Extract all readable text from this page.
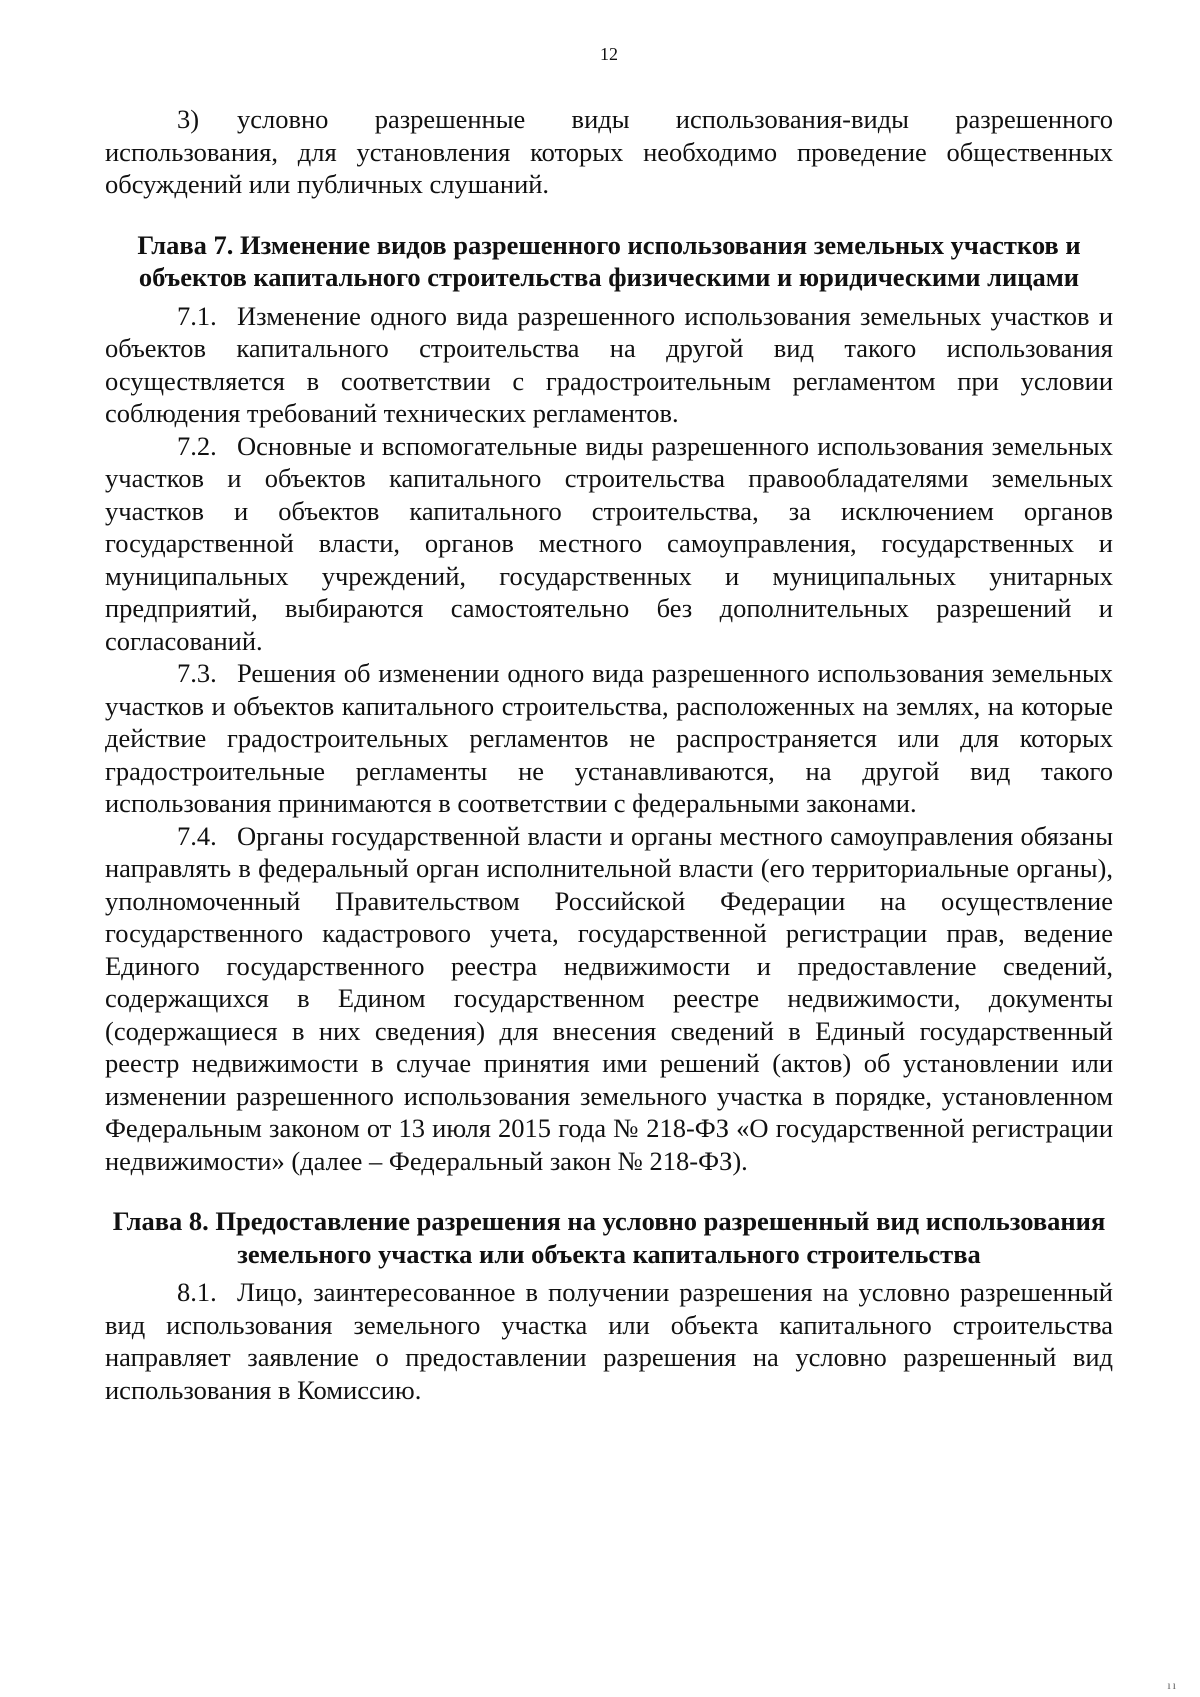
12

3) условно разрешенные виды использования-виды разрешенного использования, для установления которых необходимо проведение общественных обсуждений или публичных слушаний.

Глава 7. Изменение видов разрешенного использования земельных участков и объектов капитального строительства физическими и юридическими лицами

7.1. Изменение одного вида разрешенного использования земельных участков и объектов капитального строительства на другой вид такого использования осуществляется в соответствии с градостроительным регламентом при условии соблюдения требований технических регламентов.

7.2. Основные и вспомогательные виды разрешенного использования земельных участков и объектов капитального строительства правообладателями земельных участков и объектов капитального строительства, за исключением органов государственной власти, органов местного самоуправления, государственных и муниципальных учреждений, государственных и муниципальных унитарных предприятий, выбираются самостоятельно без дополнительных разрешений и согласований.

7.3. Решения об изменении одного вида разрешенного использования земельных участков и объектов капитального строительства, расположенных на землях, на которые действие градостроительных регламентов не распространяется или для которых градостроительные регламенты не устанавливаются, на другой вид такого использования принимаются в соответствии с федеральными законами.

7.4. Органы государственной власти и органы местного самоуправления обязаны направлять в федеральный орган исполнительной власти (его территориальные органы), уполномоченный Правительством Российской Федерации на осуществление государственного кадастрового учета, государственной регистрации прав, ведение Единого государственного реестра недвижимости и предоставление сведений, содержащихся в Едином государственном реестре недвижимости, документы (содержащиеся в них сведения) для внесения сведений в Единый государственный реестр недвижимости в случае принятия ими решений (актов) об установлении или изменении разрешенного использования земельного участка в порядке, установленном Федеральным законом от 13 июля 2015 года № 218-ФЗ «О государственной регистрации недвижимости» (далее – Федеральный закон № 218-ФЗ).

Глава 8. Предоставление разрешения на условно разрешенный вид использования земельного участка или объекта капитального строительства

8.1. Лицо, заинтересованное в получении разрешения на условно разрешенный вид использования земельного участка или объекта капитального строительства направляет заявление о предоставлении разрешения на условно разрешенный вид использования в Комиссию.

ıı
